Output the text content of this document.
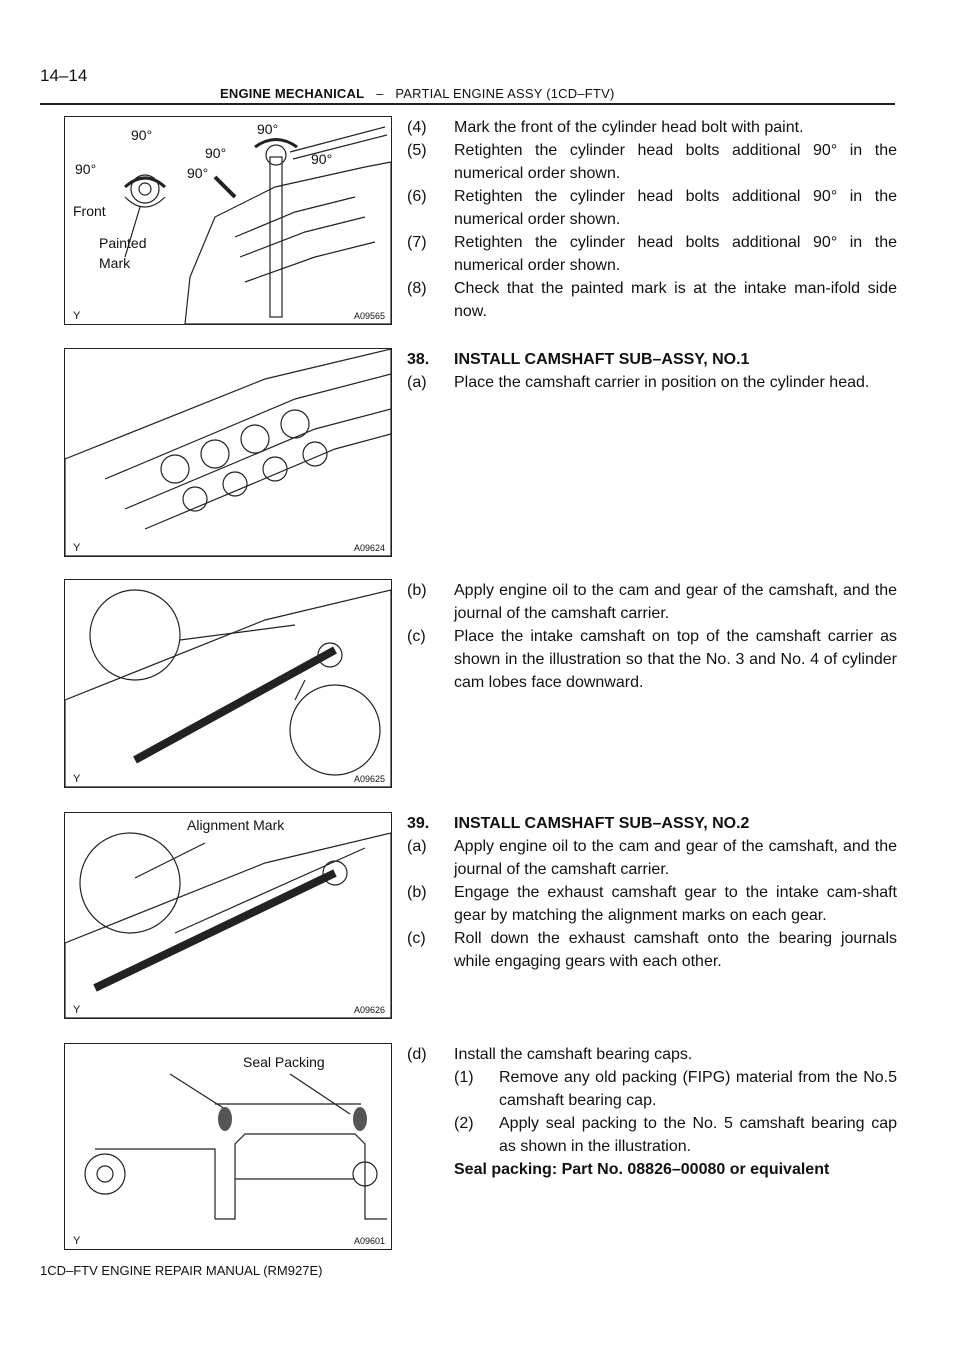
14–14
ENGINE MECHANICAL – PARTIAL ENGINE ASSY (1CD–FTV)
90°	90°
90°
90°
90°
90°
Front
Painted
Mark
Y	A09565
Y	A09624
Y	A09625
Alignment Mark
Y	A09626
Seal Packing
Y	A09601
(4)	Mark the front of the cylinder head bolt with paint.
(5)	Retighten the cylinder head bolts additional 90° in the numerical order shown.
(6)	Retighten the cylinder head bolts additional 90° in the numerical order shown.
(7)	Retighten the cylinder head bolts additional 90° in the numerical order shown.
(8)	Check that the painted mark is at the intake man-ifold side now.
38.	INSTALL CAMSHAFT SUB–ASSY, NO.1
(a)	Place the camshaft carrier in position on the cylinder head.
(b)	Apply engine oil to the cam and gear of the camshaft, and the journal of the camshaft carrier.
(c)	Place the intake camshaft on top of the camshaft carrier as shown in the illustration so that the No. 3 and No. 4 of cylinder cam lobes face downward.
39.	INSTALL CAMSHAFT SUB–ASSY, NO.2
(a)	Apply engine oil to the cam and gear of the camshaft, and the journal of the camshaft carrier.
(b)	Engage the exhaust camshaft gear to the intake cam-shaft gear by matching the alignment marks on each gear.
(c)	Roll down the exhaust camshaft onto the bearing journals while engaging gears with each other.
(d)	Install the camshaft bearing caps.
(1)	Remove any old packing (FIPG) material from the No.5 camshaft bearing cap.
(2)	Apply seal packing to the No. 5 camshaft bearing cap as shown in the illustration.
Seal packing: Part No. 08826–00080 or equivalent
1CD–FTV ENGINE REPAIR MANUAL (RM927E)
